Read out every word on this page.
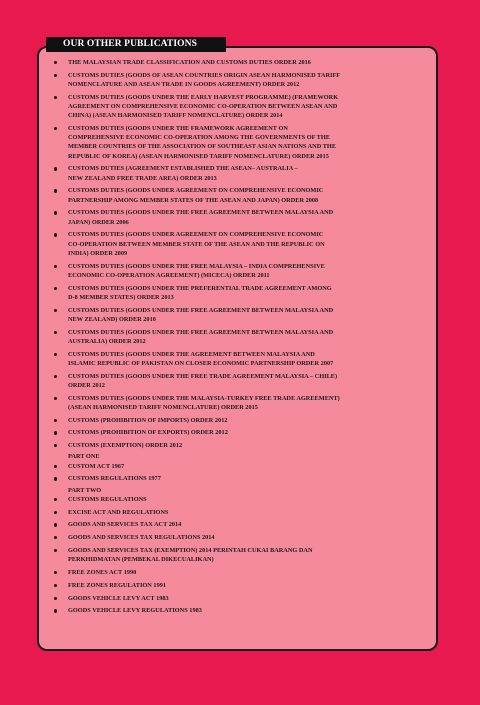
OUR OTHER PUBLICATIONS
THE MALAYSIAN TRADE CLASSIFICATION AND CUSTOMS DUTIES ORDER 2016
CUSTOMS DUTIES (GOODS OF ASEAN COUNTRIES ORIGIN ASEAN HARMONISED TARIFF
NOMENCLATURE AND ASEAN TRADE IN GOODS AGREEMENT) ORDER 2012
CUSTOMS DUTIES (GOODS UNDER THE EARLY HARVEST PROGRAMME) (FRAMEWORK
AGREEMENT ON COMPREHENSIVE ECONOMIC CO-OPERATION BETWEEN ASEAN AND
CHINA) (ASEAN HARMONISED TARIFF NOMENCLATURE) ORDER 2014
CUSTOMS DUTIES (GOODS UNDER THE FRAMEWORK AGREEMENT ON
COMPREHENSIVE ECONOMIC CO-OPERATION AMONG THE GOVERNMENTS OF THE
MEMBER COUNTRIES OF THE ASSOCIATION OF SOUTHEAST ASIAN NATIONS AND THE
REPUBLIC OF KOREA) (ASEAN HARMONISED TARIFF NOMENCLATURE) ORDER 2015
CUSTOMS DUTIES (AGREEMENT ESTABLISHED THE ASEAN– AUSTRALIA –
NEW ZEALAND FREE TRADE AREA) ORDER 2013
CUSTOMS DUTIES (GOODS UNDER AGREEMENT ON COMPREHENSIVE ECONOMIC
PARTNERSHIP AMONG MEMBER STATES OF THE ASEAN AND JAPAN) ORDER 2008
CUSTOMS DUTIES (GOODS UNDER THE FREE AGREEMENT BETWEEN MALAYSIA AND
JAPAN) ORDER 2006
CUSTOMS DUTIES (GOODS UNDER AGREEMENT ON COMPREHENSIVE ECONOMIC
CO-OPERATION BETWEEN MEMBER STATE OF THE ASEAN AND THE REPUBLIC ON
INDIA) ORDER 2009
CUSTOMS DUTIES (GOODS UNDER THE FREE MALAYSIA – INDIA COMPREHENSIVE
ECONOMIC CO-OPERATION AGREEMENT) (MICECA) ORDER 2011
CUSTOMS DUTIES (GOODS UNDER THE PREFERENTIAL TRADE AGREEMENT AMONG
D-8 MEMBER STATES) ORDER 2013
CUSTOMS DUTIES (GOODS UNDER THE FREE AGREEMENT BETWEEN MALAYSIA AND
NEW ZEALAND) ORDER 2010
CUSTOMS DUTIES (GOODS UNDER THE FREE AGREEMENT BETWEEN MALAYSIA AND
AUSTRALIA) ORDER 2012
CUSTOMS DUTIES (GOODS UNDER THE AGREEMENT BETWEEN MALAYSIA AND
ISLAMIC REPUBLIC OF PAKISTAN ON CLOSER ECONOMIC PARTNERSHIP ORDER 2007
CUSTOMS DUTIES (GOODS UNDER THE FREE TRADE AGREEMENT MALAYSIA – CHILE)
ORDER 2012
CUSTOMS DUTIES (GOODS UNDER THE MALAYSIA-TURKEY FREE TRADE AGREEMENT)
(ASEAN HARMONISED TARIFF NOMENCLATURE) ORDER 2015
CUSTOMS (PROHIBITION OF IMPORTS) ORDER 2012
CUSTOMS (PROHIBITION OF EXPORTS) ORDER 2012
CUSTOMS (EXEMPTION) ORDER 2012
PART ONE
CUSTOM ACT 1967
CUSTOMS REGULATIONS 1977
PART TWO
CUSTOMS REGULATIONS
EXCISE ACT AND REGULATIONS
GOODS AND SERVICES TAX ACT 2014
GOODS AND SERVICES TAX REGULATIONS 2014
GOODS AND SERVICES TAX (EXEMPTION) 2014 PERINTAH CUKAI BARANG DAN
PERKHIDMATAN (PEMBEKAL DIKECUALIKAN)
FREE ZONES ACT 1990
FREE ZONES REGULATION 1991
GOODS VEHICLE LEVY ACT 1983
GOODS VEHICLE LEVY REGULATIONS 1983
